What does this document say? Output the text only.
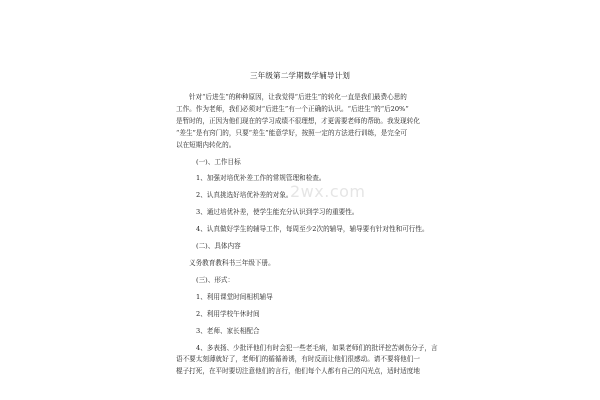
三年级第二学期数学辅导计划
针对“后进生”的种种原因，让我觉得“后进生”的转化一直是我们最费心思的
工作。作为老师，我们必须对“后进生”有一个正确的认识。“后进生”的“后20%”
是暂时的，正因为他们现在的学习成绩不很理想，才更需要老师的帮助。我发现转化
“差生”是有窍门的，只要“差生”能意学好，按照一定的方法进行训练，是完全可
以在短期内转化的。
(一)、工作目标
1、加强对培优补差工作的常规管理和检查。
2、认真挑选好培优补差的对象。
3、通过培优补差，使学生能充分认识到学习的重要性。
4、认真做好学生的辅导工作，每周至少2次的辅导，辅导要有针对性和可行性。
(二)、具体内容
义务教育教科书三年级下册。
(三)、形式：
1、利用课堂时间相机辅导
2、利用学校午休时间
3、老师、家长相配合
4、多表扬、少批评他们有时会犯一些老毛病，如果老师们的批评挖苦刺伤分子，言
语不要太刻薄就好了，老师们的循循善诱，有时反而让他们很感动。请不要将他们一
棍子打死，在平时要切注意他们的言行，他们每个人都有自己的闪光点，适时适度地
2wx.com
